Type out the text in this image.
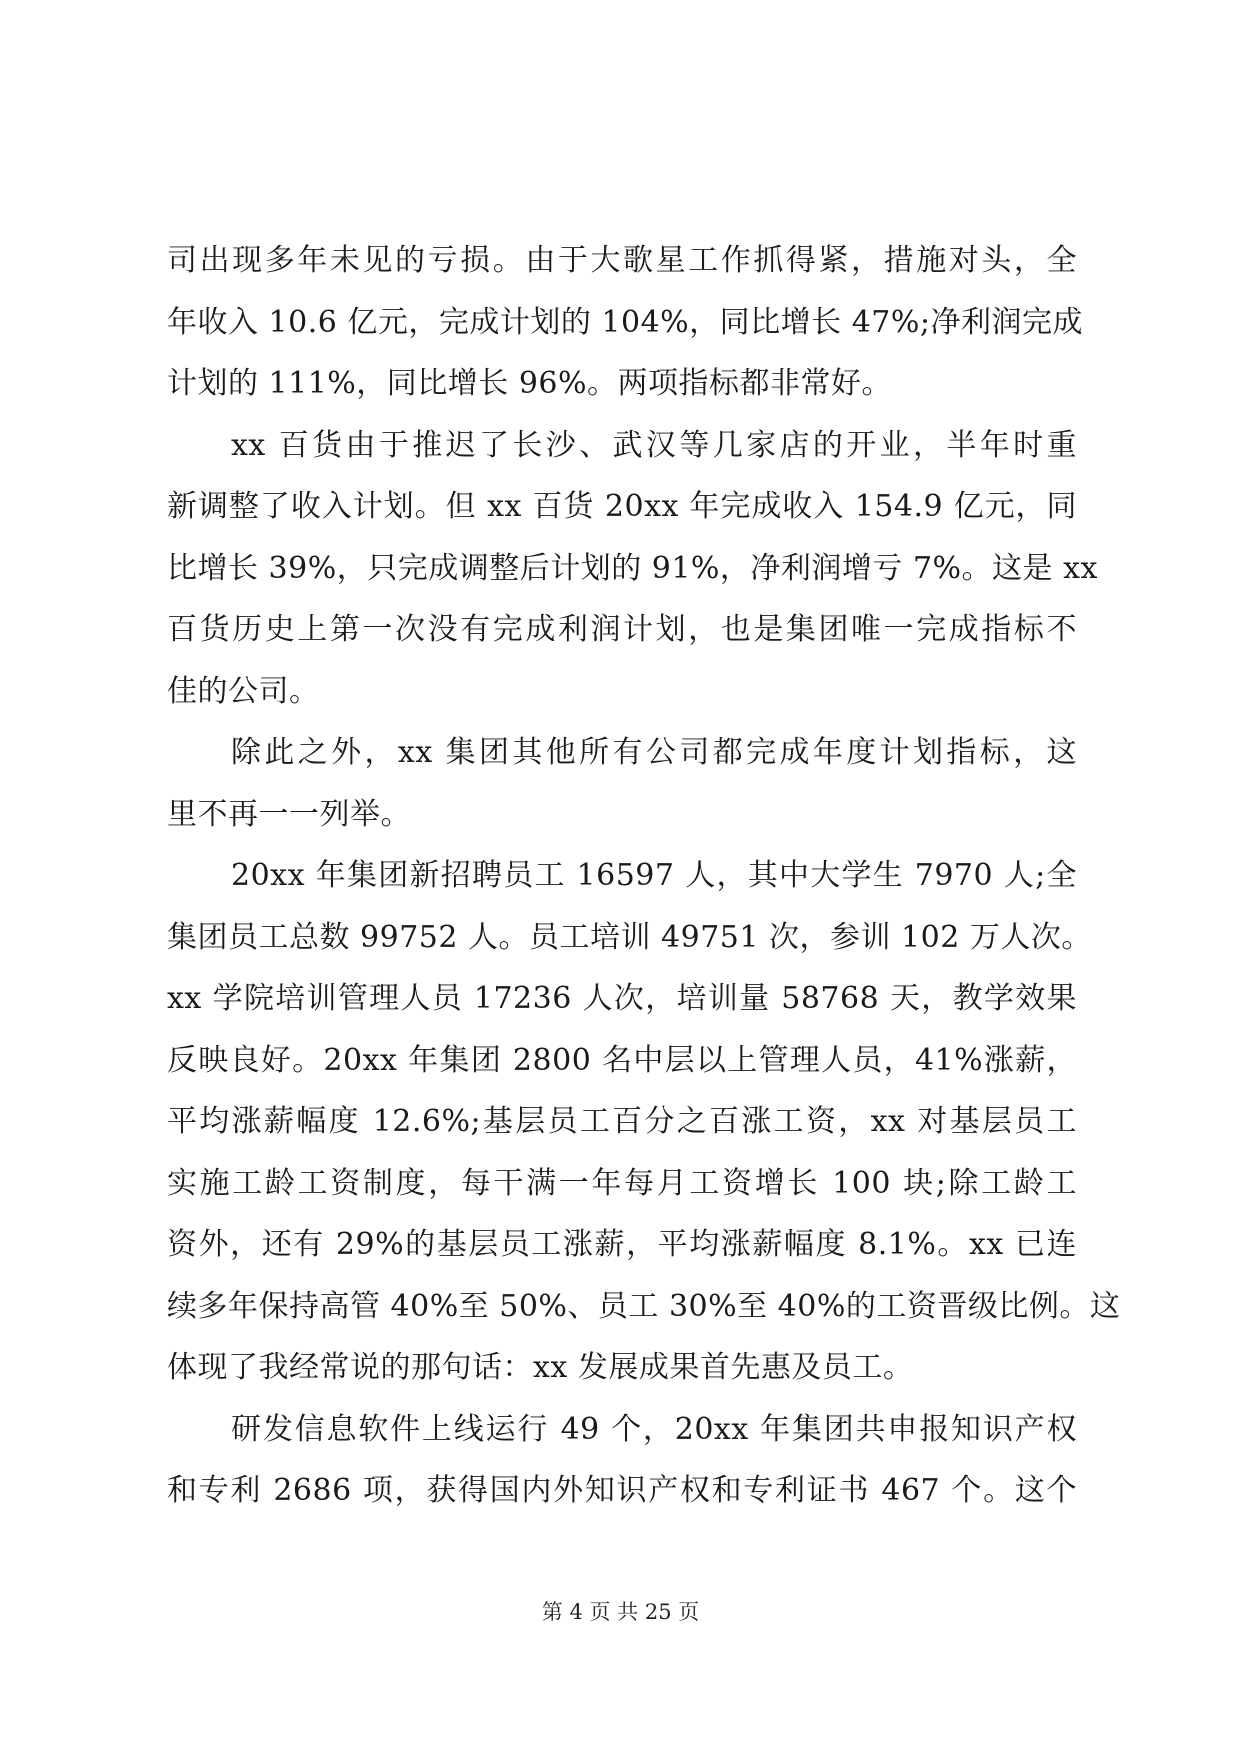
司出现多年未见的亏损。由于大歌星工作抓得紧，措施对头，全
年收入 10.6 亿元，完成计划的 104%，同比增长 47%;净利润完成
计划的 111%，同比增长 96%。两项指标都非常好。
xx 百货由于推迟了长沙、武汉等几家店的开业，半年时重
新调整了收入计划。但 xx 百货 20xx 年完成收入 154.9 亿元，同
比增长 39%，只完成调整后计划的 91%，净利润增亏 7%。这是 xx
百货历史上第一次没有完成利润计划，也是集团唯一完成指标不
佳的公司。
除此之外，xx 集团其他所有公司都完成年度计划指标，这
里不再一一列举。
20xx 年集团新招聘员工 16597 人，其中大学生 7970 人;全
集团员工总数 99752 人。员工培训 49751 次，参训 102 万人次。
xx 学院培训管理人员 17236 人次，培训量 58768 天，教学效果
反映良好。20xx 年集团 2800 名中层以上管理人员，41%涨薪，
平均涨薪幅度 12.6%;基层员工百分之百涨工资，xx 对基层员工
实施工龄工资制度，每干满一年每月工资增长 100 块;除工龄工
资外，还有 29%的基层员工涨薪，平均涨薪幅度 8.1%。xx 已连
续多年保持高管 40%至 50%、员工 30%至 40%的工资晋级比例。这
体现了我经常说的那句话：xx 发展成果首先惠及员工。
研发信息软件上线运行 49 个，20xx 年集团共申报知识产权
和专利 2686 项，获得国内外知识产权和专利证书 467 个。这个
第 4 页 共 25 页
